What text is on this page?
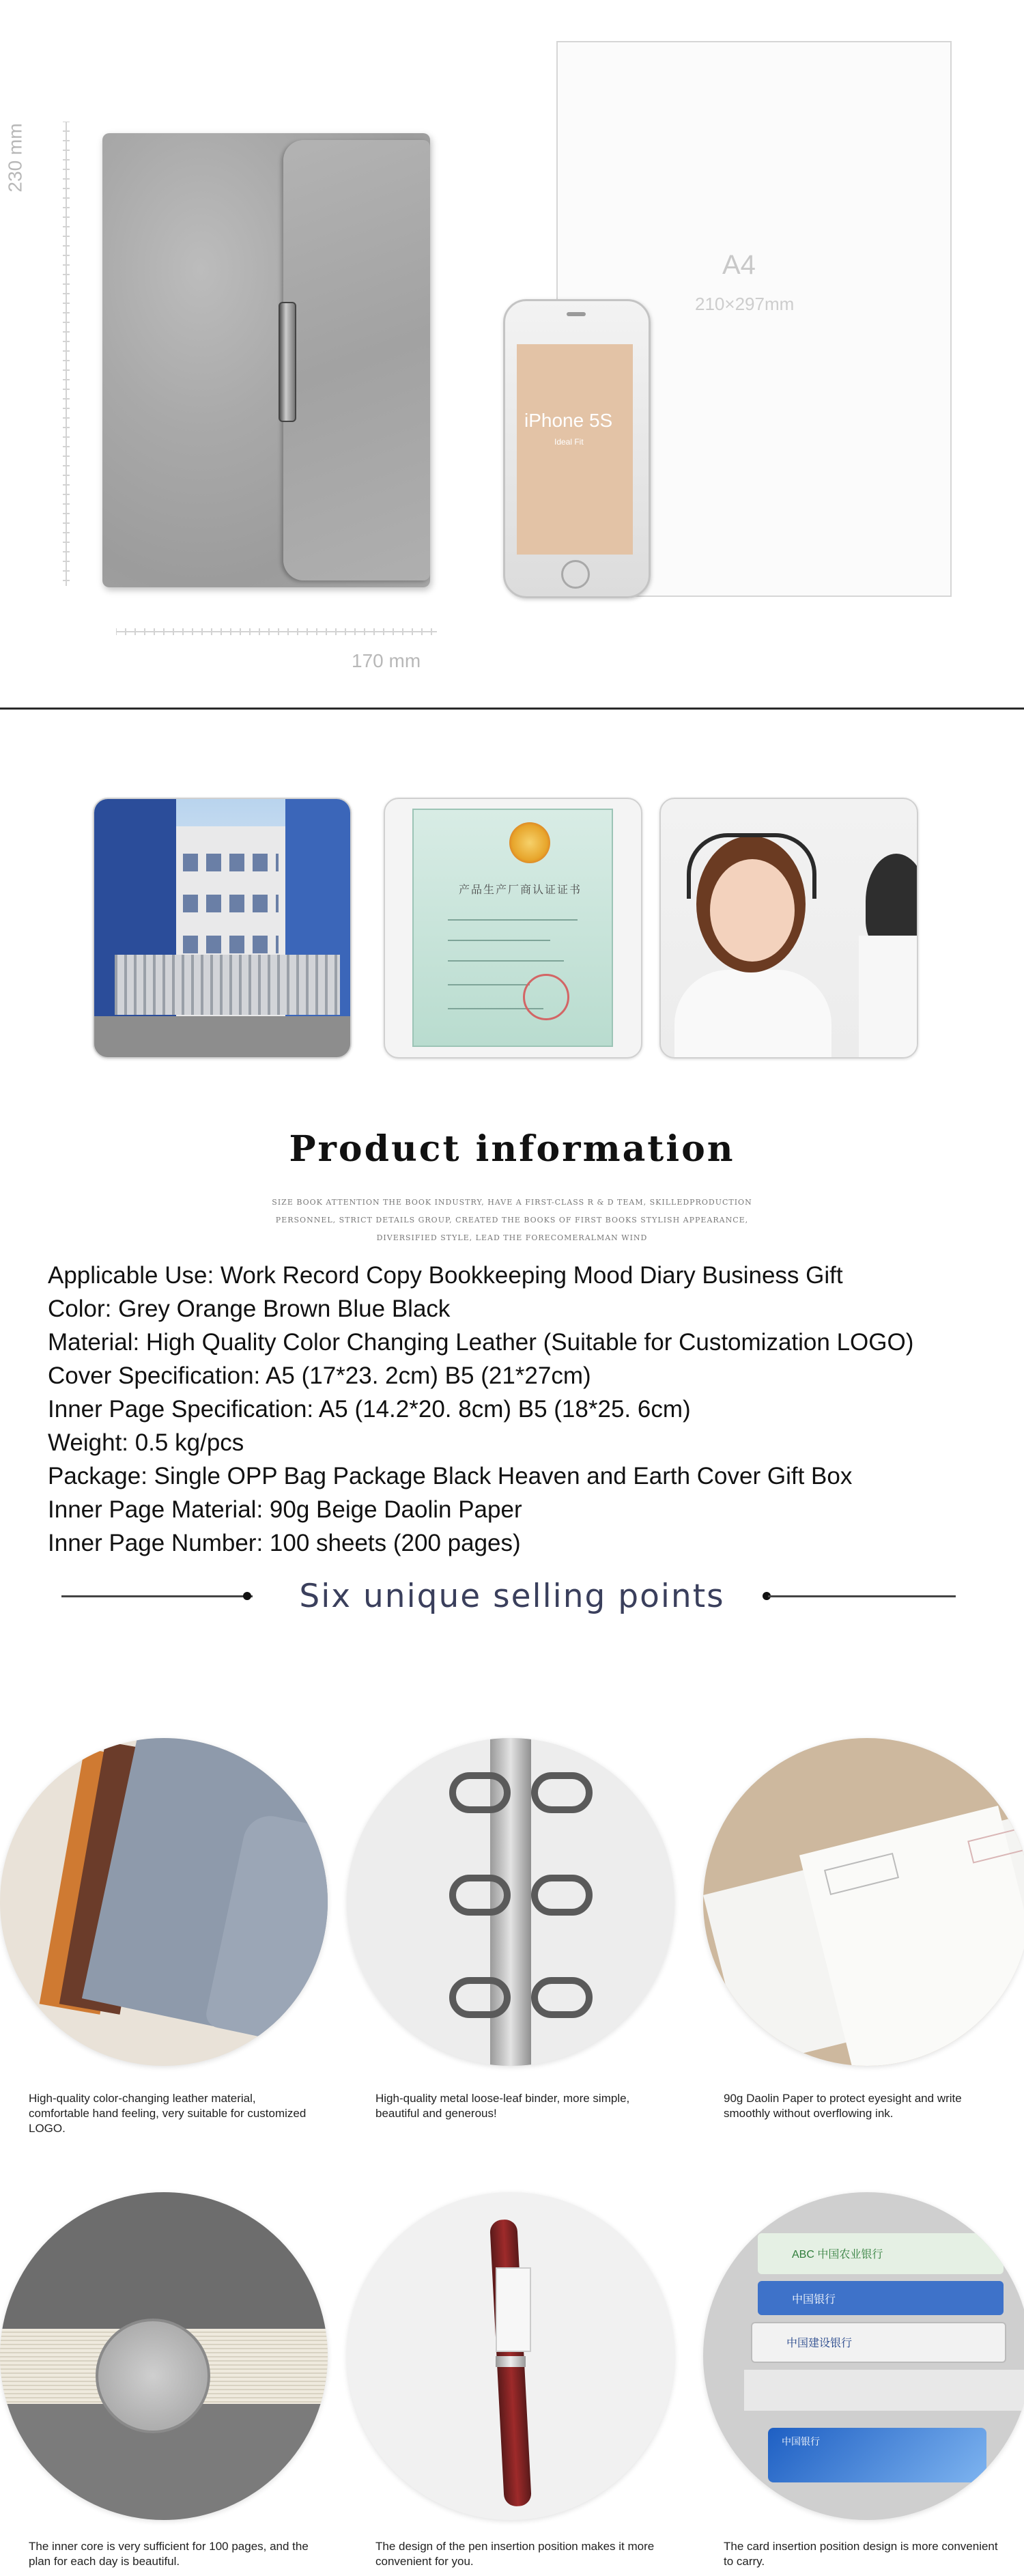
230 mm
170 mm
A4
210×297mm
iPhone 5S
Ideal Fit
产品生产厂商认证证书
Product information
SIZE BOOK ATTENTION THE BOOK INDUSTRY, HAVE A FIRST-CLASS R & D TEAM, SKILLEDPRODUCTION PERSONNEL, STRICT DETAILS GROUP, CREATED THE BOOKS OF FIRST BOOKS STYLISH APPEARANCE, DIVERSIFIED STYLE, LEAD THE FORECOMERALMAN WIND
Applicable Use: Work Record Copy Bookkeeping Mood Diary Business Gift
Color: Grey Orange Brown Blue Black
Material: High Quality Color Changing Leather (Suitable for Customization LOGO)
Cover Specification: A5 (17*23. 2cm) B5 (21*27cm)
Inner Page Specification: A5 (14.2*20. 8cm) B5 (18*25. 6cm)
Weight: 0.5 kg/pcs
Package: Single OPP Bag Package Black Heaven and Earth Cover Gift Box
Inner Page Material: 90g Beige Daolin Paper
Inner Page Number: 100 sheets (200 pages)
Six unique selling points
High-quality color-changing leather material, comfortable hand feeling, very suitable for customized LOGO.
High-quality metal loose-leaf binder, more simple, beautiful and generous!
90g Daolin Paper to protect eyesight and write smoothly without overflowing ink.
The inner core is very sufficient for 100 pages, and the plan for each day is beautiful.
The design of the pen insertion position makes it more convenient for you.
ABC 中国农业银行
中国银行
中国建设银行
中国银行
The card insertion position design is more convenient to carry.
